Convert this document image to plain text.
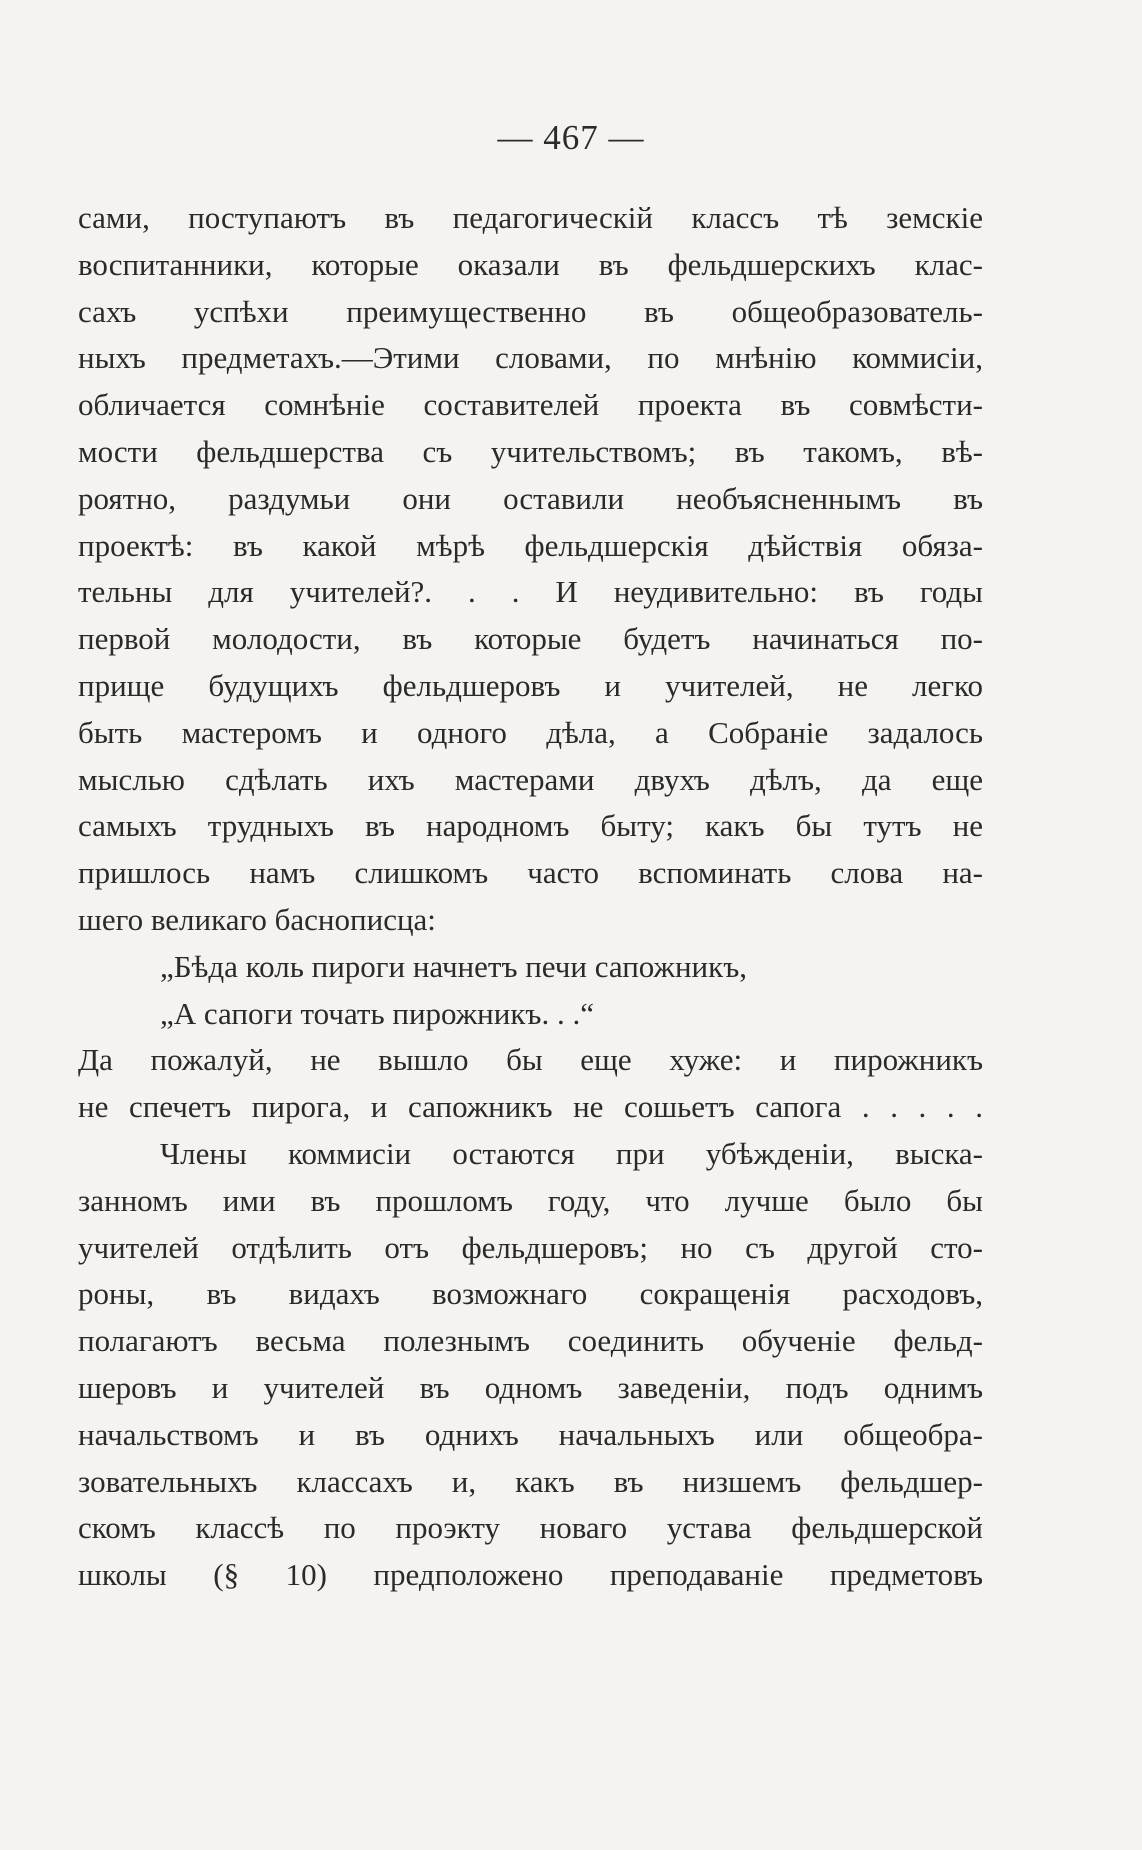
— 467 —
сами, поступаютъ въ педагогическій классъ тѣ земскіе
воспитанники, которые оказали въ фельдшерскихъ клас-
сахъ успѣхи преимущественно въ общеобразователь-
ныхъ предметахъ.—Этими словами, по мнѣнію коммисіи,
обличается сомнѣніе составителей проекта въ совмѣсти-
мости фельдшерства съ учительствомъ; въ такомъ, вѣ-
роятно, раздумьи они оставили необъясненнымъ въ
проектѣ: въ какой мѣрѣ фельдшерскія дѣйствія обяза-
тельны для учителей?. . . И неудивительно: въ годы
первой молодости, въ которые будетъ начинаться по-
прище будущихъ фельдшеровъ и учителей, не легко
быть мастеромъ и одного дѣла, а Собраніе задалось
мыслью сдѣлать ихъ мастерами двухъ дѣлъ, да еще
самыхъ трудныхъ въ народномъ быту; какъ бы тутъ не
пришлось намъ слишкомъ часто вспоминать слова на-
шего великаго баснописца:
„Бѣда коль пироги начнетъ печи сапожникъ,
„А сапоги точать пирожникъ. . .“
Да пожалуй, не вышло бы еще хуже: и пирожникъ
не спечетъ пирога, и сапожникъ не сошьетъ сапога . . . . .
Члены коммисіи остаются при убѣжденіи, выска-
занномъ ими въ прошломъ году, что лучше было бы
учителей отдѣлить отъ фельдшеровъ; но съ другой сто-
роны, въ видахъ возможнаго сокращенія расходовъ,
полагаютъ весьма полезнымъ соединить обученіе фельд-
шеровъ и учителей въ одномъ заведеніи, подъ однимъ
начальствомъ и въ однихъ начальныхъ или общеобра-
зовательныхъ классахъ и, какъ въ низшемъ фельдшер-
скомъ классѣ по проэкту новаго устава фельдшерской
школы (§ 10) предположено преподаваніе предметовъ
